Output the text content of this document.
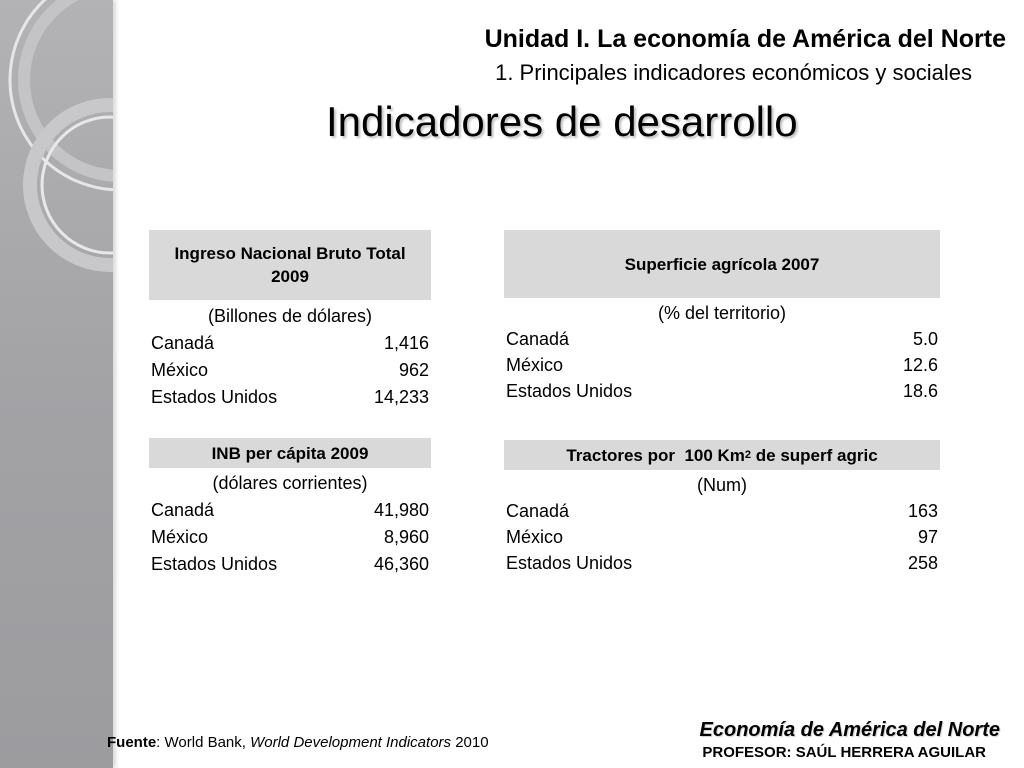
Unidad I. La economía de América del Norte
1. Principales indicadores económicos y sociales
Indicadores de desarrollo
Ingreso Nacional Bruto Total 2009
(Billones de dólares)
Canadá	1,416
México	962
Estados Unidos	14,233
INB per cápita 2009
(dólares corrientes)
Canadá	41,980
México	8,960
Estados Unidos	46,360
Superficie agrícola 2007
(% del territorio)
Canadá	5.0
México	12.6
Estados Unidos	18.6
Tractores por  100 Km 2 de superf agric
(Num)
Canadá	163
México	97
Estados Unidos	258
Fuente: World Bank, World Development Indicators 2010
Economía de América del Norte
PROFESOR: SAÚL HERRERA AGUILAR
